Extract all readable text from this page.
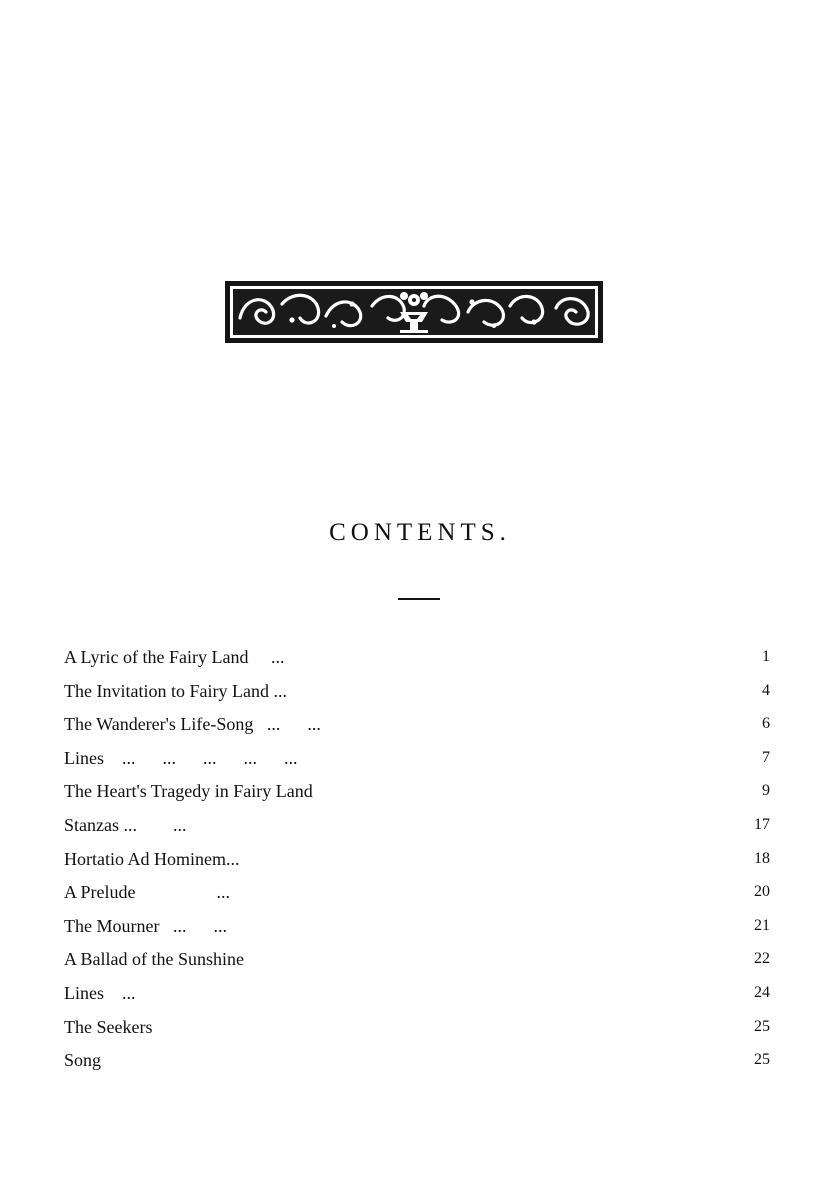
CONTENTS.
A Lyric of the Fairy Land     ...	1
The Invitation to Fairy Land ...	4
The Wanderer's Life-Song   ...      ...	6
Lines    ...      ...      ...      ...      ...	7
The Heart's Tragedy in Fairy Land	9
Stanzas ...        ...	17
Hortatio Ad Hominem...	18
A Prelude                  ...	20
The Mourner   ...      ...	21
A Ballad of the Sunshine	22
Lines    ...	24
The Seekers	25
Song	25
